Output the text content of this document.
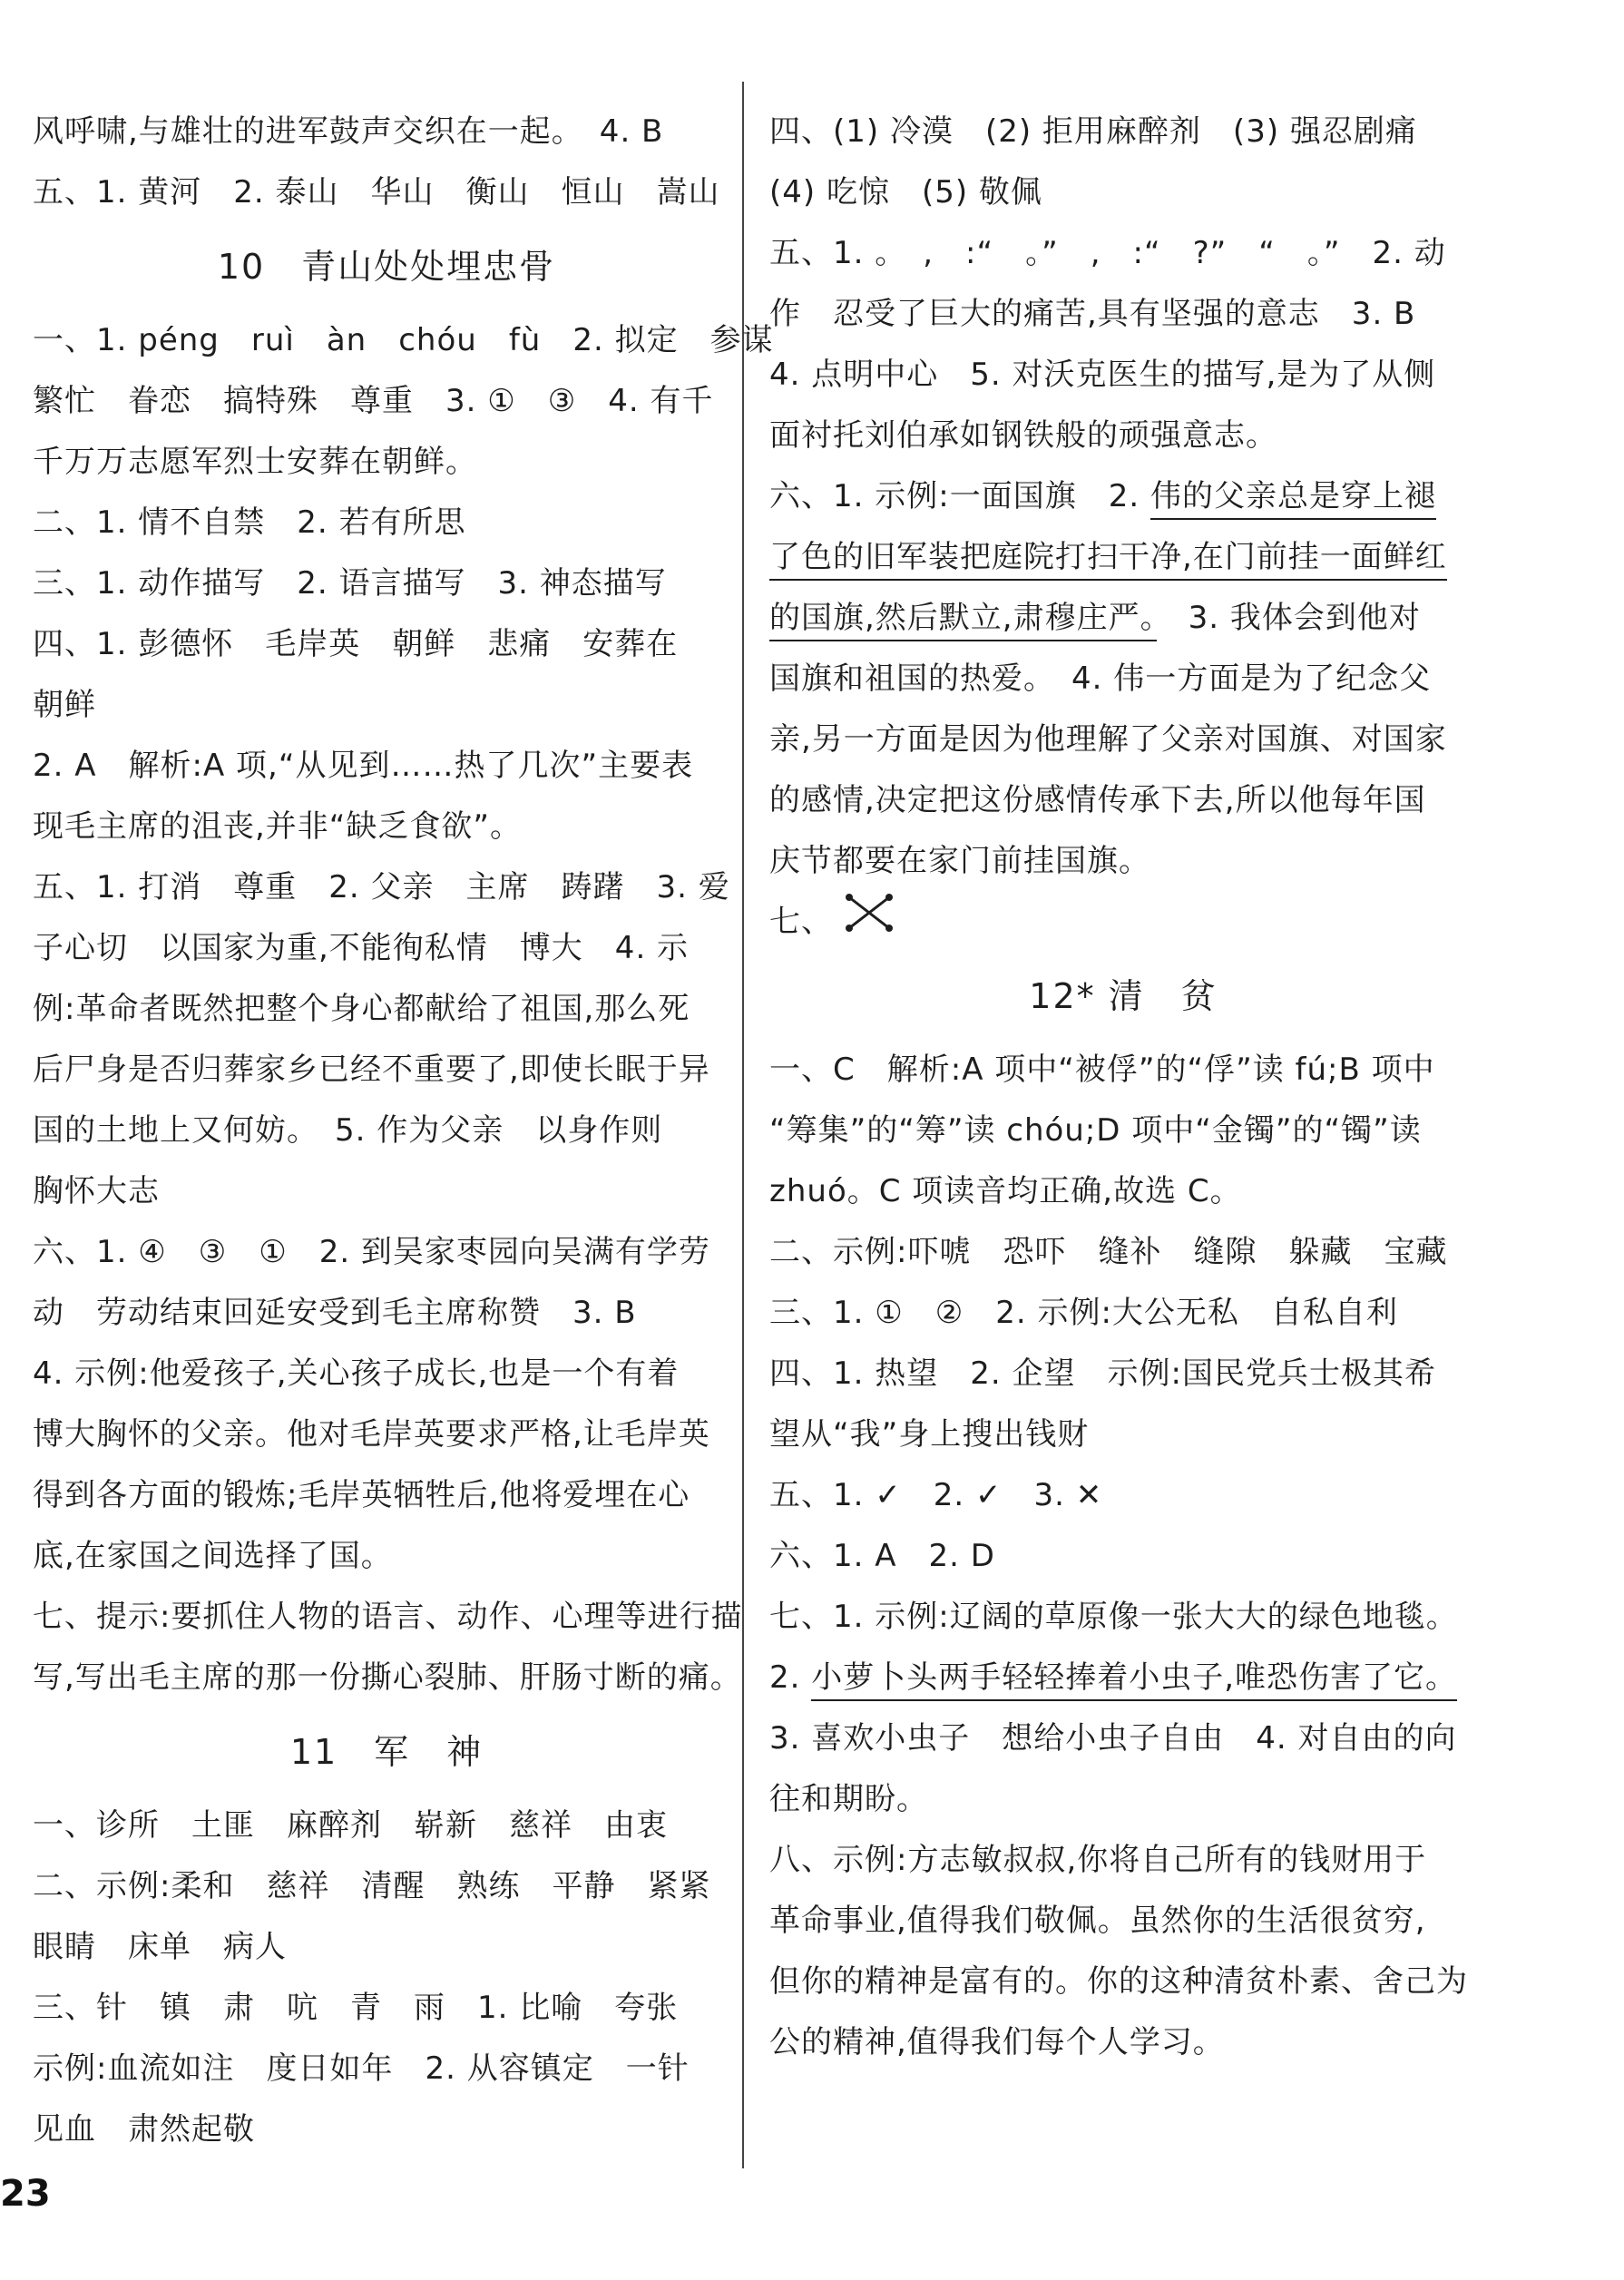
风呼啸,与雄壮的进军鼓声交织在一起。　4. B
五、1. 黄河　2. 泰山　华山　衡山　恒山　嵩山
10　青山处处埋忠骨
一、1. péng　ruì　àn　chóu　fù　2. 拟定　参谋
繁忙　眷恋　搞特殊　尊重　3. ①　③　4. 有千
千万万志愿军烈士安葬在朝鲜。
二、1. 情不自禁　2. 若有所思
三、1. 动作描写　2. 语言描写　3. 神态描写
四、1. 彭德怀　毛岸英　朝鲜　悲痛　安葬在
朝鲜
2. A　解析:A 项,“从见到……热了几次”主要表
现毛主席的沮丧,并非“缺乏食欲”。
五、1. 打消　尊重　2. 父亲　主席　踌躇　3. 爱
子心切　以国家为重,不能徇私情　博大　4. 示
例:革命者既然把整个身心都献给了祖国,那么死
后尸身是否归葬家乡已经不重要了,即使长眠于异
国的土地上又何妨。　5. 作为父亲　以身作则
胸怀大志
六、1. ④　③　①　2. 到吴家枣园向吴满有学劳
动　劳动结束回延安受到毛主席称赞　3. B
4. 示例:他爱孩子,关心孩子成长,也是一个有着
博大胸怀的父亲。他对毛岸英要求严格,让毛岸英
得到各方面的锻炼;毛岸英牺牲后,他将爱埋在心
底,在家国之间选择了国。
七、提示:要抓住人物的语言、动作、心理等进行描
写,写出毛主席的那一份撕心裂肺、肝肠寸断的痛。
11　军　神
一、诊所　土匪　麻醉剂　崭新　慈祥　由衷
二、示例:柔和　慈祥　清醒　熟练　平静　紧紧
眼睛　床单　病人
三、针　镇　肃　吭　青　雨　1. 比喻　夸张
示例:血流如注　度日如年　2. 从容镇定　一针
见血　肃然起敬
四、(1) 冷漠　(2) 拒用麻醉剂　(3) 强忍剧痛
(4) 吃惊　(5) 敬佩
五、1. 。　,　:“　。”　,　:“　?”　“　。”　2. 动
作　忍受了巨大的痛苦,具有坚强的意志　3. B
4. 点明中心　5. 对沃克医生的描写,是为了从侧
面衬托刘伯承如钢铁般的顽强意志。
六、1. 示例:一面国旗　2. 伟的父亲总是穿上褪
了色的旧军装把庭院打扫干净,在门前挂一面鲜红
的国旗,然后默立,肃穆庄严。　3. 我体会到他对
国旗和祖国的热爱。　4. 伟一方面是为了纪念父
亲,另一方面是因为他理解了父亲对国旗、对国家
的感情,决定把这份感情传承下去,所以他每年国
庆节都要在家门前挂国旗。
七、
12* 清　贫
一、C　解析:A 项中“被俘”的“俘”读 fú;B 项中
“筹集”的“筹”读 chóu;D 项中“金镯”的“镯”读
zhuó。C 项读音均正确,故选 C。
二、示例:吓唬　恐吓　缝补　缝隙　躲藏　宝藏
三、1. ①　②　2. 示例:大公无私　自私自利
四、1. 热望　2. 企望　示例:国民党兵士极其希
望从“我”身上搜出钱财
五、1. ✓　2. ✓　3. ✕
六、1. A　2. D
七、1. 示例:辽阔的草原像一张大大的绿色地毯。
2. 小萝卜头两手轻轻捧着小虫子,唯恐伤害了它。
3. 喜欢小虫子　想给小虫子自由　4. 对自由的向
往和期盼。
八、示例:方志敏叔叔,你将自己所有的钱财用于
革命事业,值得我们敬佩。虽然你的生活很贫穷,
但你的精神是富有的。你的这种清贫朴素、舍己为
公的精神,值得我们每个人学习。
23
